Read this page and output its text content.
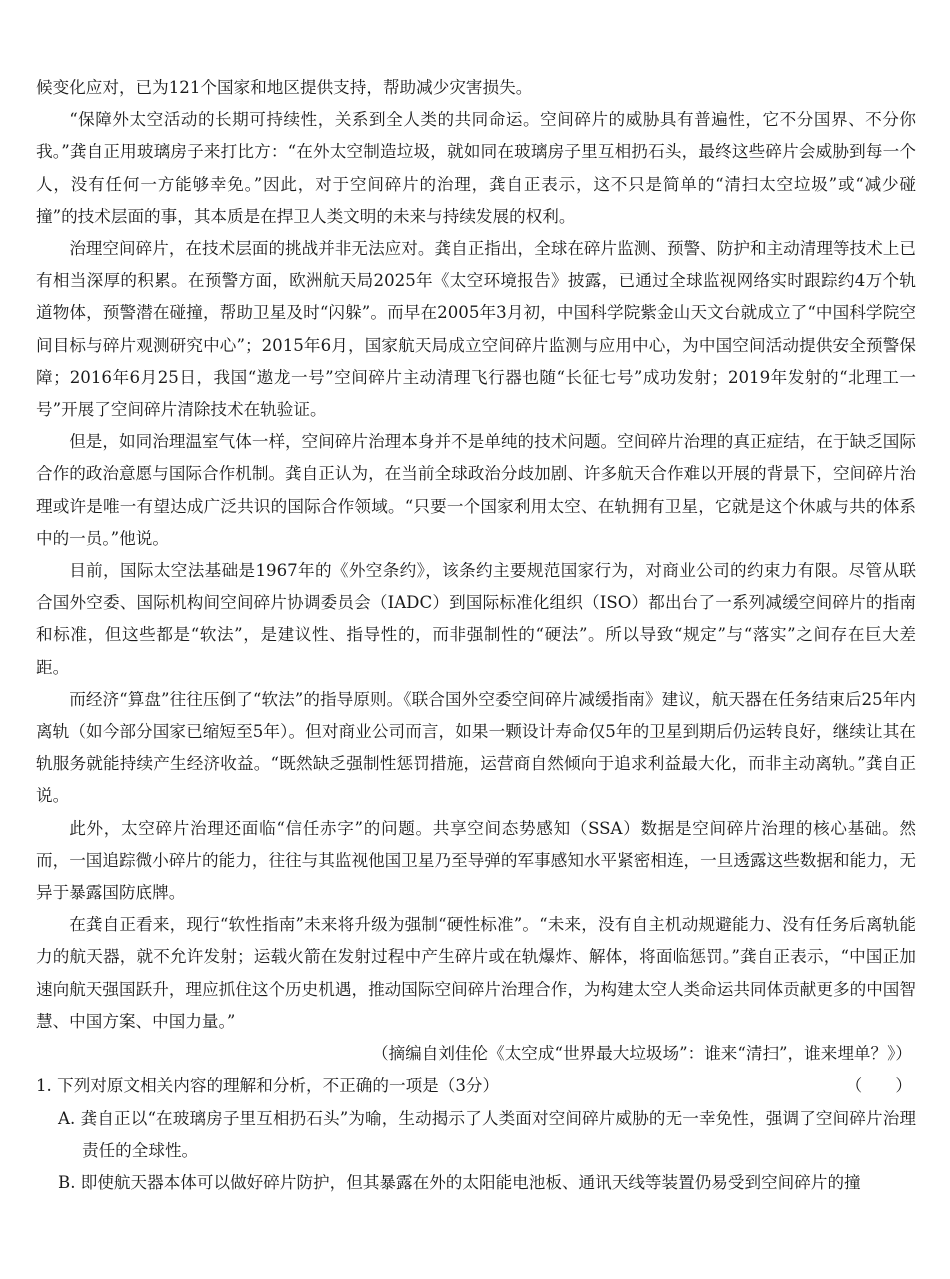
候变化应对，已为121个国家和地区提供支持，帮助减少灾害损失。

“保障外太空活动的长期可持续性，关系到全人类的共同命运。空间碎片的威胁具有普遍性，它不分国界、不分你我。”龚自正用玻璃房子来打比方：“在外太空制造垃圾，就如同在玻璃房子里互相扔石头，最终这些碎片会威胁到每一个人，没有任何一方能够幸免。”因此，对于空间碎片的治理，龚自正表示，这不只是简单的“清扫太空垃圾”或“减少碰撞”的技术层面的事，其本质是在捍卫人类文明的未来与持续发展的权利。

治理空间碎片，在技术层面的挑战并非无法应对。龚自正指出，全球在碎片监测、预警、防护和主动清理等技术上已有相当深厚的积累。在预警方面，欧洲航天局2025年《太空环境报告》披露，已通过全球监视网络实时跟踪约4万个轨道物体，预警潜在碰撞，帮助卫星及时“闪躲”。而早在2005年3月初，中国科学院紫金山天文台就成立了“中国科学院空间目标与碎片观测研究中心”；2015年6月，国家航天局成立空间碎片监测与应用中心，为中国空间活动提供安全预警保障；2016年6月25日，我国“遨龙一号”空间碎片主动清理飞行器也随“长征七号”成功发射；2019年发射的“北理工一号”开展了空间碎片清除技术在轨验证。

但是，如同治理温室气体一样，空间碎片治理本身并不是单纯的技术问题。空间碎片治理的真正症结，在于缺乏国际合作的政治意愿与国际合作机制。龚自正认为，在当前全球政治分歧加剧、许多航天合作难以开展的背景下，空间碎片治理或许是唯一有望达成广泛共识的国际合作领域。“只要一个国家利用太空、在轨拥有卫星，它就是这个休戚与共的体系中的一员。”他说。

目前，国际太空法基础是1967年的《外空条约》，该条约主要规范国家行为，对商业公司的约束力有限。尽管从联合国外空委、国际机构间空间碎片协调委员会（IADC）到国际标准化组织（ISO）都出台了一系列减缓空间碎片的指南和标准，但这些都是“软法”，是建议性、指导性的，而非强制性的“硬法”。所以导致“规定”与“落实”之间存在巨大差距。

而经济“算盘”往往压倒了“软法”的指导原则。《联合国外空委空间碎片减缓指南》建议，航天器在任务结束后25年内离轨（如今部分国家已缩短至5年）。但对商业公司而言，如果一颗设计寿命仅5年的卫星到期后仍运转良好，继续让其在轨服务就能持续产生经济收益。“既然缺乏强制性惩罚措施，运营商自然倾向于追求利益最大化，而非主动离轨。”龚自正说。

此外，太空碎片治理还面临“信任赤字”的问题。共享空间态势感知（SSA）数据是空间碎片治理的核心基础。然而，一国追踪微小碎片的能力，往往与其监视他国卫星乃至导弹的军事感知水平紧密相连，一旦透露这些数据和能力，无异于暴露国防底牌。

在龚自正看来，现行“软性指南”未来将升级为强制“硬性标准”。“未来，没有自主机动规避能力、没有任务后离轨能力的航天器，就不允许发射；运载火箭在发射过程中产生碎片或在轨爆炸、解体，将面临惩罚。”龚自正表示，“中国正加速向航天强国跃升，理应抓住这个历史机遇，推动国际空间碎片治理合作，为构建太空人类命运共同体贡献更多的中国智慧、中国方案、中国力量。”

（摘编自刘佳伦《太空成“世界最大垃圾场”：谁来“清扫”，谁来埋单？》）

1. 下列对原文相关内容的理解和分析，不正确的一项是（3分）	（　　）

A. 龚自正以“在玻璃房子里互相扔石头”为喻，生动揭示了人类面对空间碎片威胁的无一幸免性，强调了空间碎片治理责任的全球性。

B. 即使航天器本体可以做好碎片防护，但其暴露在外的太阳能电池板、通讯天线等装置仍易受到空间碎片的撞
